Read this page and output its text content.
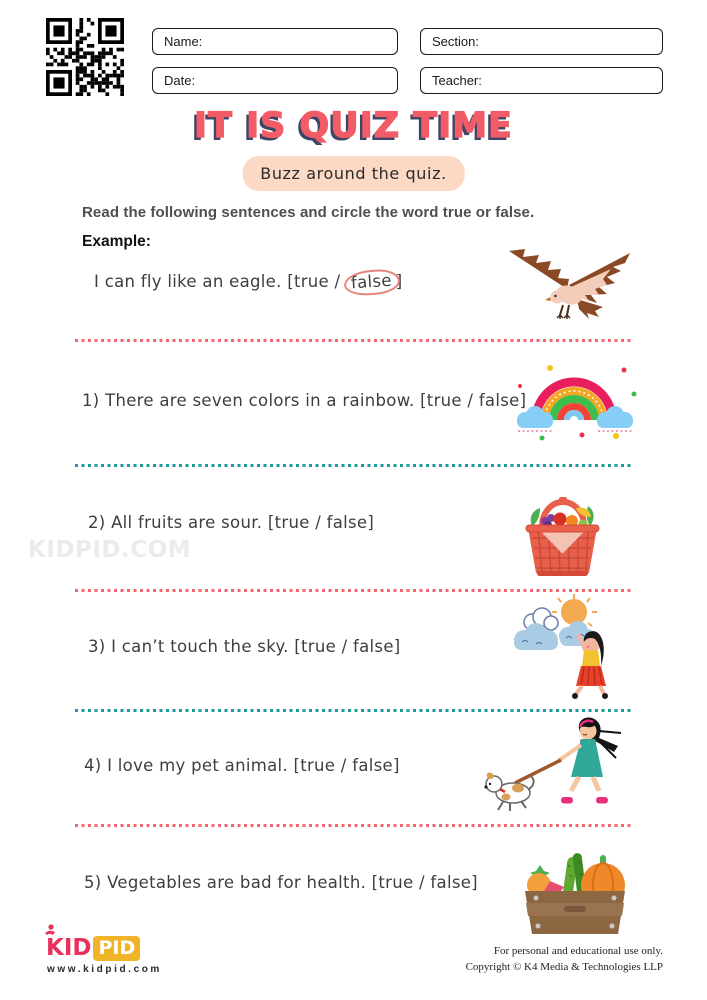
Name:	Section:
Date:	Teacher:
IT IS QUIZ TIME
Buzz around the quiz.
Read the following sentences and circle the word true or false.
Example:
I can fly like an eagle. [true / false ]
1) There are seven colors in a rainbow. [true / false]
2) All fruits are sour. [true / false]
KIDPID.COM
3) I can’t touch the sky. [true / false]
4) I love my pet animal. [true / false]
5) Vegetables are bad for health. [true / false]
KID PID
www.kidpid.com
For personal and educational use only.
Copyright © K4 Media & Technologies LLP
